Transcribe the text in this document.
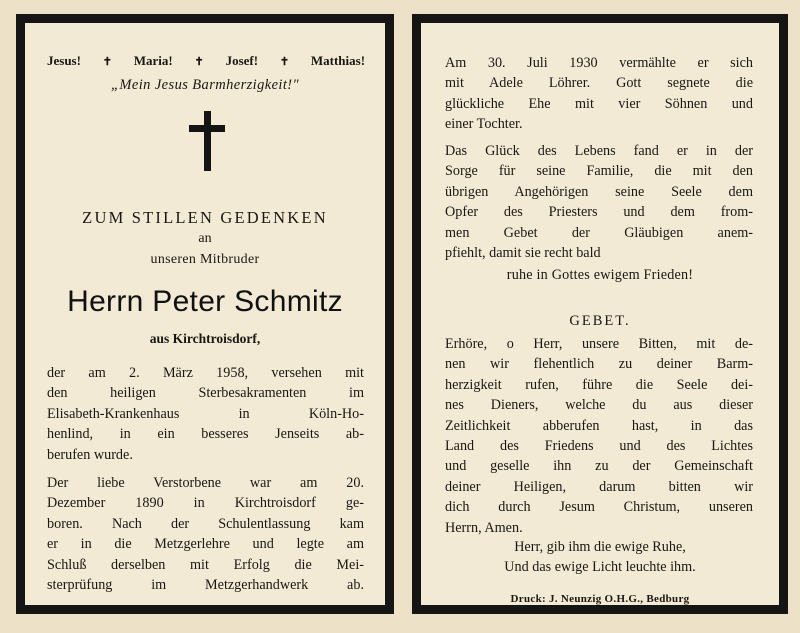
Jesus! ✝ Maria! ✝ Josef! ✝ Matthias!
„Mein Jesus Barmherzigkeit!"
ZUM STILLEN GEDENKEN
an
unseren Mitbruder
Herrn Peter Schmitz
aus Kirchtroisdorf,
der am 2. März 1958, versehen mit
den heiligen Sterbesakramenten im
Elisabeth-Krankenhaus in Köln-Ho-
henlind, in ein besseres Jenseits ab-
berufen wurde.
Der liebe Verstorbene war am 20.
Dezember 1890 in Kirchtroisdorf ge-
boren. Nach der Schulentlassung kam
er in die Metzgerlehre und legte am
Schluß derselben mit Erfolg die Mei-
sterprüfung im Metzgerhandwerk ab.
Am 30. Juli 1930 vermählte er sich
mit Adele Löhrer. Gott segnete die
glückliche Ehe mit vier Söhnen und
einer Tochter.
Das Glück des Lebens fand er in der
Sorge für seine Familie, die mit den
übrigen Angehörigen seine Seele dem
Opfer des Priesters und dem from-
men Gebet der Gläubigen anem-
pfiehlt, damit sie recht bald
ruhe in Gottes ewigem Frieden!
GEBET.
Erhöre, o Herr, unsere Bitten, mit de-
nen wir flehentlich zu deiner Barm-
herzigkeit rufen, führe die Seele dei-
nes Dieners, welche du aus dieser
Zeitlichkeit abberufen hast, in das
Land des Friedens und des Lichtes
und geselle ihn zu der Gemeinschaft
deiner Heiligen, darum bitten wir
dich durch Jesum Christum, unseren
Herrn, Amen.
Herr, gib ihm die ewige Ruhe,
Und das ewige Licht leuchte ihm.
Druck: J. Neunzig O.H.G., Bedburg
